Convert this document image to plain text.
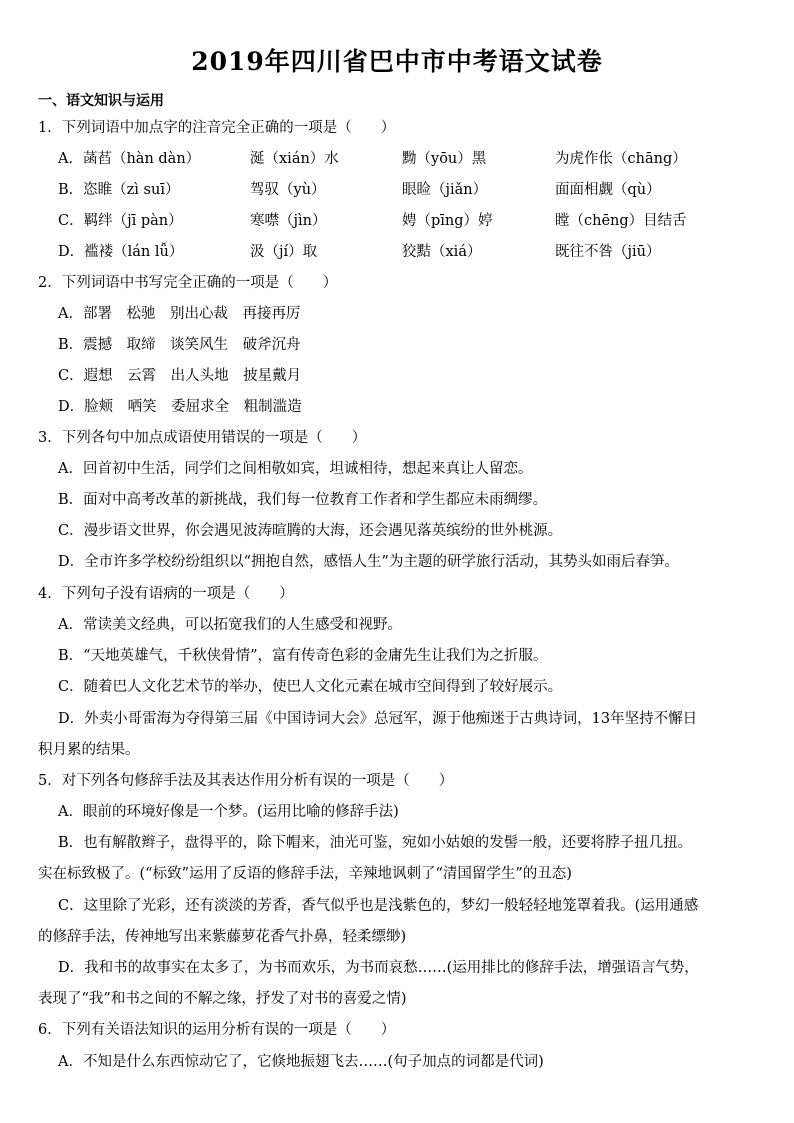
2019年四川省巴中市中考语文试卷
一、语文知识与运用
1．下列词语中加点字的注音完全正确的一项是（　　）
A．菡萏（hàn dàn）	涎（xián）水	黝（yōu）黑	为虎作伥（chāng）
B．恣睢（zì suī）	驾驭（yù）	眼睑（jiǎn）	面面相觑（qù）
C．羁绊（jī pàn）	寒噤（jìn）	娉（pīng）婷	瞠（chēng）目结舌
D．褴褛（lán lǚ）	汲（jí）取	狡黠（xiá）	既往不咎（jiū）
2．下列词语中书写完全正确的一项是（　　）
A．部署　松驰　别出心裁　再接再厉
B．震撼　取缔　谈笑风生　破斧沉舟
C．遐想　云霄　出人头地　披星戴月
D．脸颊　哂笑　委屈求全　粗制滥造
3．下列各句中加点成语使用错误的一项是（　　）
A．回首初中生活，同学们之间相敬如宾，坦诚相待，想起来真让人留恋。
B．面对中高考改革的新挑战，我们每一位教育工作者和学生都应未雨绸缪。
C．漫步语文世界，你会遇见波涛暄腾的大海，还会遇见落英缤纷的世外桃源。
D．全市许多学校纷纷组织以“拥抱自然，感悟人生”为主题的研学旅行活动，其势头如雨后春笋。
4．下列句子没有语病的一项是（　　）
A．常读美文经典，可以拓宽我们的人生感受和视野。
B．“天地英雄气，千秋侠骨情”，富有传奇色彩的金庸先生让我们为之折服。
C．随着巴人文化艺术节的举办，使巴人文化元素在城市空间得到了较好展示。
D．外卖小哥雷海为夺得第三届《中国诗词大会》总冠军，源于他痴迷于古典诗词，13年坚持不懈日
积月累的结果。
5．对下列各句修辞手法及其表达作用分析有误的一项是（　　）
A．眼前的环境好像是一个梦。(运用比喻的修辞手法)
B．也有解散辫子，盘得平的，除下帽来，油光可鉴，宛如小姑娘的发髻一般，还要将脖子扭几扭。
实在标致极了。(“标致”运用了反语的修辞手法，辛辣地讽刺了“清国留学生”的丑态)
C．这里除了光彩，还有淡淡的芳香，香气似乎也是浅紫色的，梦幻一般轻轻地笼罩着我。(运用通感
的修辞手法，传神地写出来紫藤萝花香气扑鼻，轻柔缥缈)
D．我和书的故事实在太多了，为书而欢乐，为书而哀愁……(运用排比的修辞手法，增强语言气势，
表现了“我”和书之间的不解之缘，抒发了对书的喜爱之情)
6．下列有关语法知识的运用分析有误的一项是（　　）
A．不知是什么东西惊动它了，它倏地振翅飞去……(句子加点的词都是代词)
